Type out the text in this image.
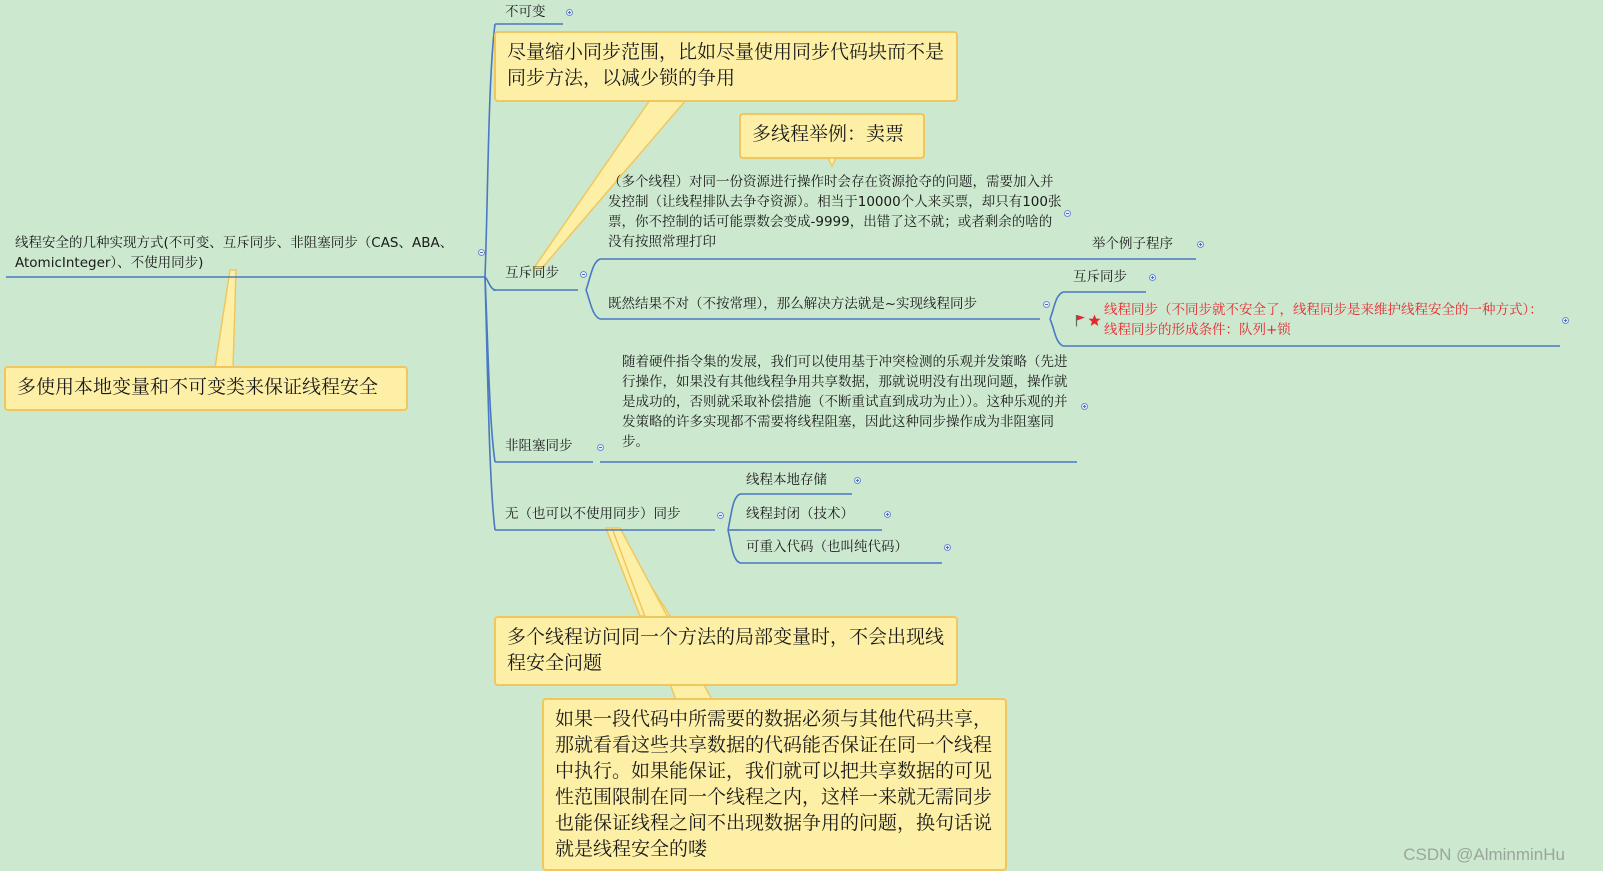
线程安全的几种实现方式(不可变、互斥同步、非阻塞同步（CAS、ABA、AtomicInteger）、不使用同步)
不可变
互斥同步
（多个线程）对同一份资源进行操作时会存在资源抢夺的问题，需要加入并发控制（让线程排队去争夺资源）。相当于10000个人来买票，却只有100张票，你不控制的话可能票数会变成-9999，出错了这不就；或者剩余的啥的没有按照常理打印	举个例子程序
既然结果不对（不按常理），那么解决方法就是~实现线程同步
互斥同步
线程同步（不同步就不安全了，线程同步是来维护线程安全的一种方式）：线程同步的形成条件：队列+锁
非阻塞同步
随着硬件指令集的发展，我们可以使用基于冲突检测的乐观并发策略（先进行操作，如果没有其他线程争用共享数据，那就说明没有出现问题，操作就是成功的，否则就采取补偿措施（不断重试直到成功为止））。这种乐观的并发策略的许多实现都不需要将线程阻塞，因此这种同步操作成为非阻塞同步。
无（也可以不使用同步）同步
线程本地存储
线程封闭（技术）
可重入代码（也叫纯代码）
尽量缩小同步范围，比如尽量使用同步代码块而不是同步方法，以减少锁的争用
多线程举例：卖票
多使用本地变量和不可变类来保证线程安全
多个线程访问同一个方法的局部变量时，不会出现线程安全问题
如果一段代码中所需要的数据必须与其他代码共享，那就看看这些共享数据的代码能否保证在同一个线程中执行。如果能保证，我们就可以把共享数据的可见性范围限制在同一个线程之内，这样一来就无需同步也能保证线程之间不出现数据争用的问题，换句话说就是线程安全的喽	CSDN @AlminminHu
